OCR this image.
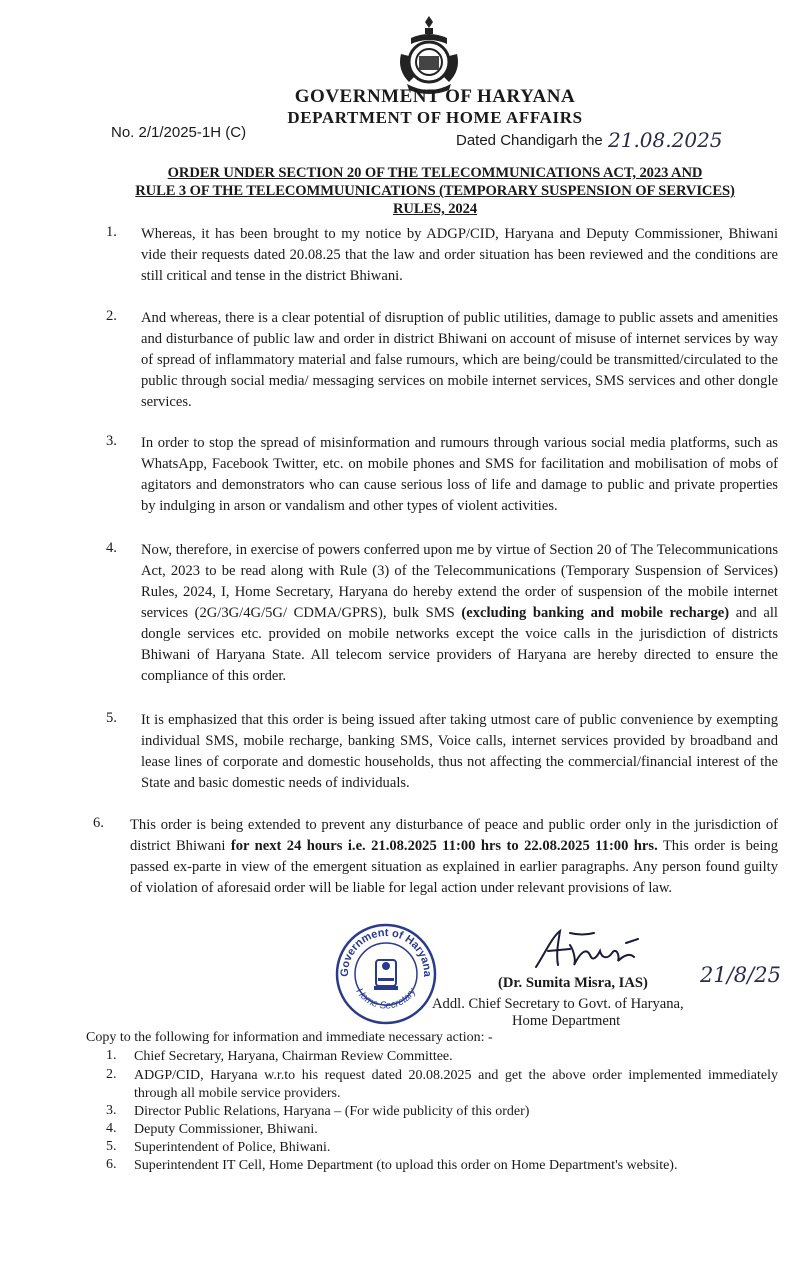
GOVERNMENT OF HARYANA
DEPARTMENT OF HOME AFFAIRS
No. 2/1/2025-1H (C)	Dated Chandigarh the 21.08.2025
ORDER UNDER SECTION 20 OF THE TELECOMMUNICATIONS ACT, 2023 AND
RULE 3 OF THE TELECOMMUUNICATIONS (TEMPORARY SUSPENSION OF SERVICES)
RULES, 2024
1. Whereas, it has been brought to my notice by ADGP/CID, Haryana and Deputy Commissioner, Bhiwani vide their requests dated 20.08.25 that the law and order situation has been reviewed and the conditions are still critical and tense in the district Bhiwani.
2. And whereas, there is a clear potential of disruption of public utilities, damage to public assets and amenities and disturbance of public law and order in district Bhiwani on account of misuse of internet services by way of spread of inflammatory material and false rumours, which are being/could be transmitted/circulated to the public through social media/ messaging services on mobile internet services, SMS services and other dongle services.
3. In order to stop the spread of misinformation and rumours through various social media platforms, such as WhatsApp, Facebook Twitter, etc. on mobile phones and SMS for facilitation and mobilisation of mobs of agitators and demonstrators who can cause serious loss of life and damage to public and private properties by indulging in arson or vandalism and other types of violent activities.
4. Now, therefore, in exercise of powers conferred upon me by virtue of Section 20 of The Telecommunications Act, 2023 to be read along with Rule (3) of the Telecommunications (Temporary Suspension of Services) Rules, 2024, I, Home Secretary, Haryana do hereby extend the order of suspension of the mobile internet services (2G/3G/4G/5G/ CDMA/GPRS), bulk SMS (excluding banking and mobile recharge) and all dongle services etc. provided on mobile networks except the voice calls in the jurisdiction of districts Bhiwani of Haryana State. All telecom service providers of Haryana are hereby directed to ensure the compliance of this order.
5. It is emphasized that this order is being issued after taking utmost care of public convenience by exempting individual SMS, mobile recharge, banking SMS, Voice calls, internet services provided by broadband and lease lines of corporate and domestic households, thus not affecting the commercial/financial interest of the State and basic domestic needs of individuals.
6. This order is being extended to prevent any disturbance of peace and public order only in the jurisdiction of district Bhiwani for next 24 hours i.e. 21.08.2025 11:00 hrs to 22.08.2025 11:00 hrs. This order is being passed ex-parte in view of the emergent situation as explained in earlier paragraphs. Any person found guilty of violation of aforesaid order will be liable for legal action under relevant provisions of law.
Government of Haryana
Home Secretary
21/8/25
(Dr. Sumita Misra, IAS)
Addl. Chief Secretary to Govt. of Haryana,
Home Department
Copy to the following for information and immediate necessary action: -
1. Chief Secretary, Haryana, Chairman Review Committee.
2. ADGP/CID, Haryana w.r.to his request dated 20.08.2025 and get the above order implemented immediately through all mobile service providers.
3. Director Public Relations, Haryana – (For wide publicity of this order)
4. Deputy Commissioner, Bhiwani.
5. Superintendent of Police, Bhiwani.
6. Superintendent IT Cell, Home Department (to upload this order on Home Department's website).
